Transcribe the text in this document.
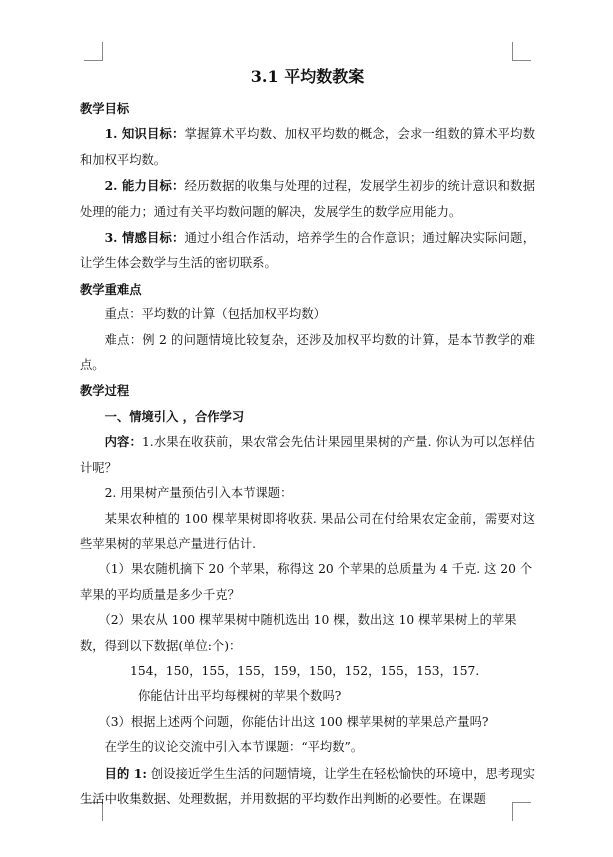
3.1 平均数教案

教学目标

1. 知识目标：掌握算术平均数、加权平均数的概念，会求一组数的算术平均数和加权平均数。

2. 能力目标：经历数据的收集与处理的过程，发展学生初步的统计意识和数据处理的能力；通过有关平均数问题的解决，发展学生的数学应用能力。

3. 情感目标：通过小组合作活动，培养学生的合作意识；通过解决实际问题，让学生体会数学与生活的密切联系。

教学重难点

重点：平均数的计算（包括加权平均数）

难点：例 2 的问题情境比较复杂，还涉及加权平均数的计算，是本节教学的难点。

教学过程

一、情境引入 ，合作学习

内容：1.水果在收获前，果农常会先估计果园里果树的产量. 你认为可以怎样估计呢？

2. 用果树产量预估引入本节课题：

某果农种植的 100 棵苹果树即将收获. 果品公司在付给果农定金前，需要对这些苹果树的苹果总产量进行估计.

（1）果农随机摘下 20 个苹果，称得这 20 个苹果的总质量为 4 千克. 这 20 个苹果的平均质量是多少千克？

（2）果农从 100 棵苹果树中随机选出 10 棵，数出这 10 棵苹果树上的苹果数，得到以下数据(单位:个)：

154，150，155，155，159，150，152，155，153，157.

你能估计出平均每棵树的苹果个数吗?

（3）根据上述两个问题，你能估计出这 100 棵苹果树的苹果总产量吗?

在学生的议论交流中引入本节课题：“平均数”。

目的 1: 创设接近学生生活的问题情境，让学生在轻松愉快的环境中，思考现实生活中收集数据、处理数据，并用数据的平均数作出判断的必要性。在课题
